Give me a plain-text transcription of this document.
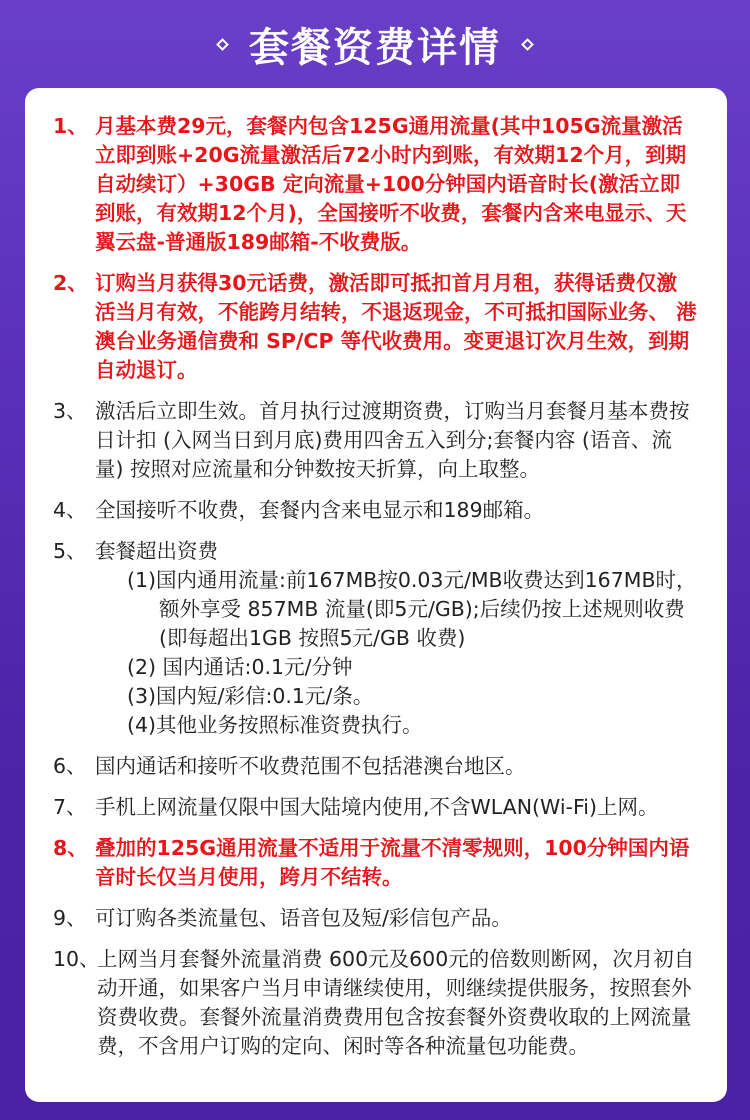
套餐资费详情
1、 月基本费29元，套餐内包含125G通用流量(其中105G流量激活立即到账+20G流量激活后72小时内到账，有效期12个月，到期自动续订）+30GB 定向流量+100分钟国内语音时长(激活立即到账，有效期12个月)，全国接听不收费，套餐内含来电显示、天翼云盘-普通版189邮箱-不收费版。
2、 订购当月获得30元话费，激活即可抵扣首月月租，获得话费仅激活当月有效，不能跨月结转，不退返现金，不可抵扣国际业务、 港澳台业务通信费和 SP/CP 等代收费用。变更退订次月生效，到期自动退订。
3、 激活后立即生效。首月执行过渡期资费，订购当月套餐月基本费按日计扣 (入网当日到月底)费用四舍五入到分;套餐内容 (语音、流量) 按照对应流量和分钟数按天折算，向上取整。
4、 全国接听不收费，套餐内含来电显示和189邮箱。
5、 套餐超出资费
(1)国内通用流量:前167MB按0.03元/MB收费达到167MB时，额外享受 857MB 流量(即5元/GB);后续仍按上述规则收费 (即每超出1GB 按照5元/GB 收费)
(2) 国内通话:0.1元/分钟
(3)国内短/彩信:0.1元/条。
(4)其他业务按照标准资费执行。
6、 国内通话和接听不收费范围不包括港澳台地区。
7、 手机上网流量仅限中国大陆境内使用,不含WLAN(Wi-Fi)上网。
8、 叠加的125G通用流量不适用于流量不清零规则，100分钟国内语音时长仅当月使用，跨月不结转。
9、 可订购各类流量包、语音包及短/彩信包产品。
10、
上网当月套餐外流量消费 600元及600元的倍数则断网，次月初自动开通，如果客户当月申请继续使用，则继续提供服务，按照套外资费收费。套餐外流量消费费用包含按套餐外资费收取的上网流量费，不含用户订购的定向、闲时等各种流量包功能费。
